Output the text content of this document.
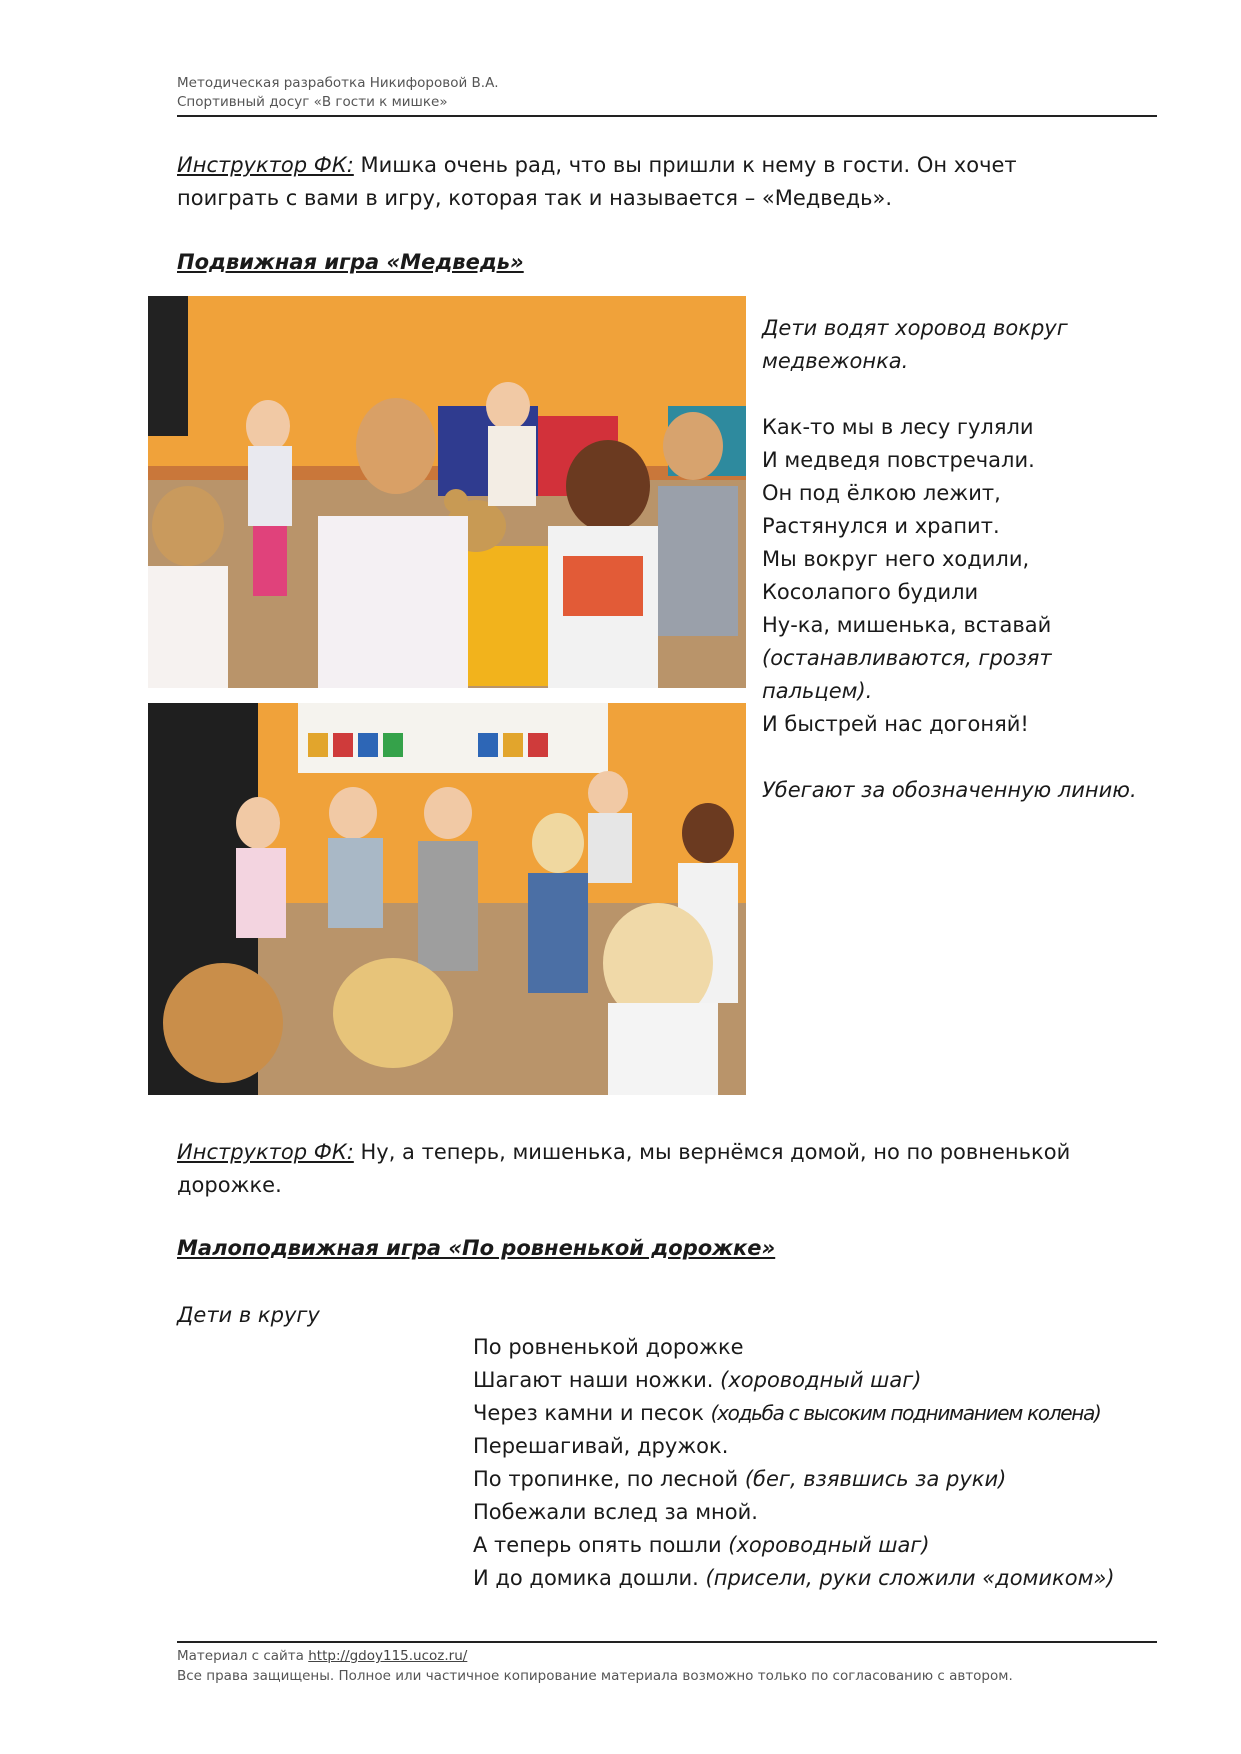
Методическая разработка Никифоровой В.А.
Спортивный досуг «В гости к мишке»
Инструктор ФК: Мишка очень рад, что вы пришли к нему в гости. Он хочет поиграть с вами в игру, которая так и называется – «Медведь».
Подвижная игра «Медведь»
Дети водят хоровод вокруг медвежонка.
Как-то мы в лесу гуляли
И медведя повстречали.
Он под ёлкою лежит,
Растянулся и храпит.
Мы вокруг него ходили,
Косолапого будили
Ну-ка, мишенька, вставай
(останавливаются, грозят пальцем).
И быстрей нас догоняй!
Убегают за обозначенную линию.
Инструктор ФК: Ну, а теперь, мишенька, мы вернёмся домой, но по ровненькой дорожке.
Малоподвижная игра «По ровненькой дорожке»
Дети в кругу
По ровненькой дорожке
Шагают наши ножки. (хороводный шаг)
Через камни и песок (ходьба с высоким подниманием колена)
Перешагивай, дружок.
По тропинке, по лесной (бег, взявшись за руки)
Побежали вслед за мной.
А теперь опять пошли (хороводный шаг)
И до домика дошли. (присели, руки сложили «домиком»)
Материал с сайта http://gdoy115.ucoz.ru/
Все права защищены. Полное или частичное копирование материала возможно только по согласованию с автором.
